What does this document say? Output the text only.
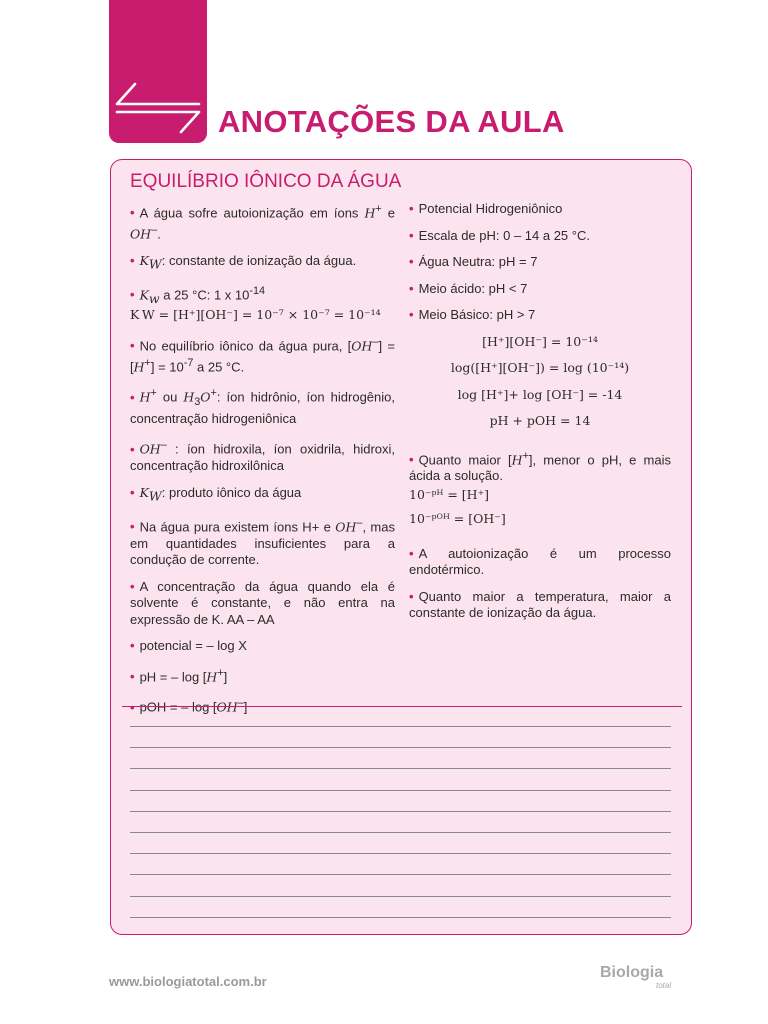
ANOTAÇÕES DA AULA
EQUILÍBRIO IÔNICO DA ÁGUA
• A água sofre autoionização em íons H+ e OH–.
• $K_W$: constante de ionização da água.
• $K_w$ a 25 °C: 1 x $10^{-14}$
K W = [H⁺][OH⁻] = 10⁻⁷ × 10⁻⁷ = 10⁻¹⁴
• No equilíbrio iônico da água pura, $[OH^-] = [H^+] = 10^{-7}$ a 25 °C.
• H+ ou $H_3O^+$: íon hidrônio, íon hidrogênio, concentração hidrogeniônica
• OH– : íon hidroxila, íon oxidrila, hidroxi, concentração hidroxilônica
• $K_W$: produto iônico da água
• Na água pura existem íons H+ e OH–, mas em quantidades insuficientes para a condução de corrente.
• A concentração da água quando ela é solvente é constante, e não entra na expressão de K. AA – AA
• potencial = – log X
• pH = – log [H+]
• pOH = – log [OH–]
• Potencial Hidrogeniônico
• Escala de pH: 0 – 14 a 25 °C.
• Água Neutra: pH = 7
• Meio ácido: pH < 7
• Meio Básico: pH > 7
[H⁺][OH⁻] = 10⁻¹⁴
log([H⁺][OH⁻]) = log (10⁻¹⁴)
log [H⁺]+ log [OH⁻] = -14
pH + pOH = 14
• Quanto maior [H+], menor o pH, e mais ácida a solução.
10⁻ᵖᴴ = [H⁺]
10⁻ᵖᴼᴴ = [OH⁻]
• A autoionização é um processo endotérmico.
• Quanto maior a temperatura, maior a constante de ionização da água.
www.biologiatotal.com.br
Biologia
total
